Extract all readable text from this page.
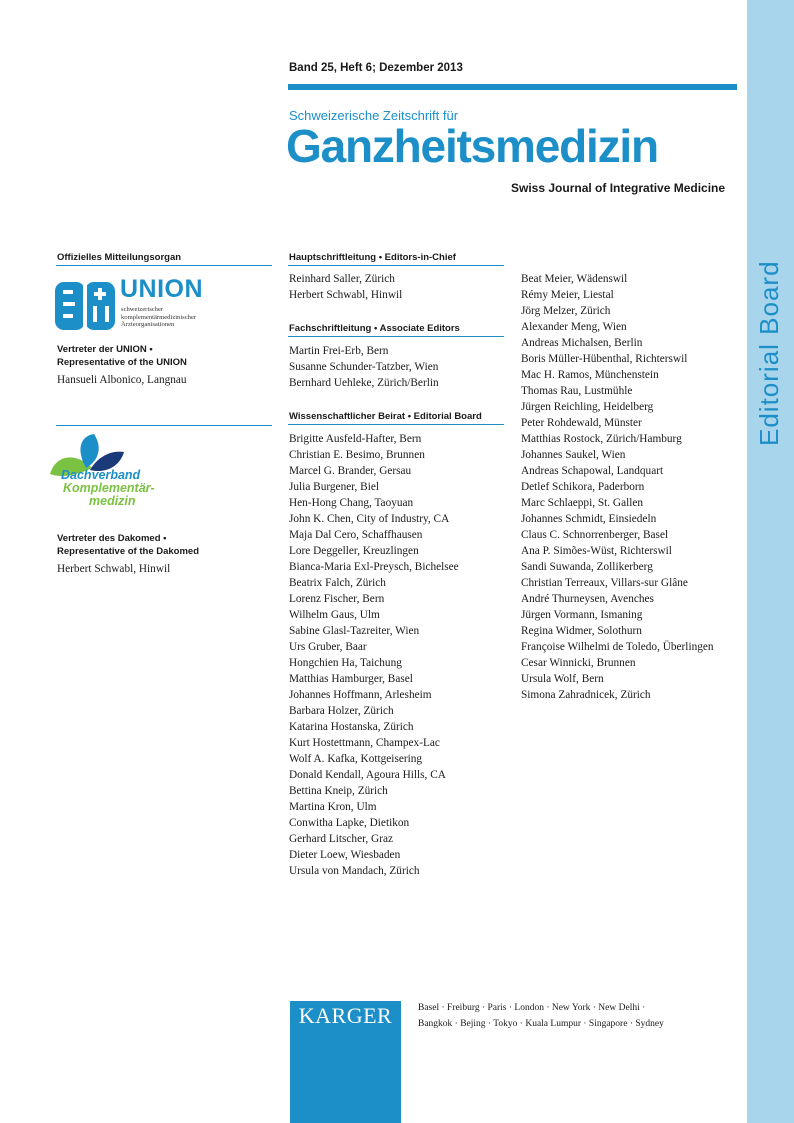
Editorial Board
Band 25, Heft 6; Dezember 2013
Schweizerische Zeitschrift für
Ganzheitsmedizin
Swiss Journal of Integrative Medicine
Offizielles Mitteilungsorgan
UNION
schweizerischer
komplementärmedizinischer
Ärzteorganisationen
Vertreter der UNION •
Representative of the UNION
Hansueli Albonico, Langnau
Dachverband
Komplementär-
medizin
Vertreter des Dakomed •
Representative of the Dakomed
Herbert Schwabl, Hinwil
Hauptschriftleitung • Editors-in-Chief
Reinhard Saller, Zürich
Herbert Schwabl, Hinwil
Fachschriftleitung • Associate Editors
Martin Frei-Erb, Bern
Susanne Schunder-Tatzber, Wien
Bernhard Uehleke, Zürich/Berlin
Wissenschaftlicher Beirat • Editorial Board
Brigitte Ausfeld-Hafter, Bern
Christian E. Besimo, Brunnen
Marcel G. Brander, Gersau
Julia Burgener, Biel
Hen-Hong Chang, Taoyuan
John K. Chen, City of Industry, CA
Maja Dal Cero, Schaffhausen
Lore Deggeller, Kreuzlingen
Bianca-Maria Exl-Preysch, Bichelsee
Beatrix Falch, Zürich
Lorenz Fischer, Bern
Wilhelm Gaus, Ulm
Sabine Glasl-Tazreiter, Wien
Urs Gruber, Baar
Hongchien Ha, Taichung
Matthias Hamburger, Basel
Johannes Hoffmann, Arlesheim
Barbara Holzer, Zürich
Katarina Hostanska, Zürich
Kurt Hostettmann, Champex-Lac
Wolf A. Kafka, Kottgeisering
Donald Kendall, Agoura Hills, CA
Bettina Kneip, Zürich
Martina Kron, Ulm
Conwitha Lapke, Dietikon
Gerhard Litscher, Graz
Dieter Loew, Wiesbaden
Ursula von Mandach, Zürich
Beat Meier, Wädenswil
Rémy Meier, Liestal
Jörg Melzer, Zürich
Alexander Meng, Wien
Andreas Michalsen, Berlin
Boris Müller-Hübenthal, Richterswil
Mac H. Ramos, Münchenstein
Thomas Rau, Lustmühle
Jürgen Reichling, Heidelberg
Peter Rohdewald, Münster
Matthias Rostock, Zürich/Hamburg
Johannes Saukel, Wien
Andreas Schapowal, Landquart
Detlef Schikora, Paderborn
Marc Schlaeppi, St. Gallen
Johannes Schmidt, Einsiedeln
Claus C. Schnorrenberger, Basel
Ana P. Simões-Wüst, Richterswil
Sandi Suwanda, Zollikerberg
Christian Terreaux, Villars-sur Glâne
André Thurneysen, Avenches
Jürgen Vormann, Ismaning
Regina Widmer, Solothurn
Françoise Wilhelmi de Toledo, Überlingen
Cesar Winnicki, Brunnen
Ursula Wolf, Bern
Simona Zahradnicek, Zürich
KARGER	Basel · Freiburg · Paris · London · New York · New Delhi ·
Bangkok · Bejing · Tokyo · Kuala Lumpur · Singapore · Sydney
